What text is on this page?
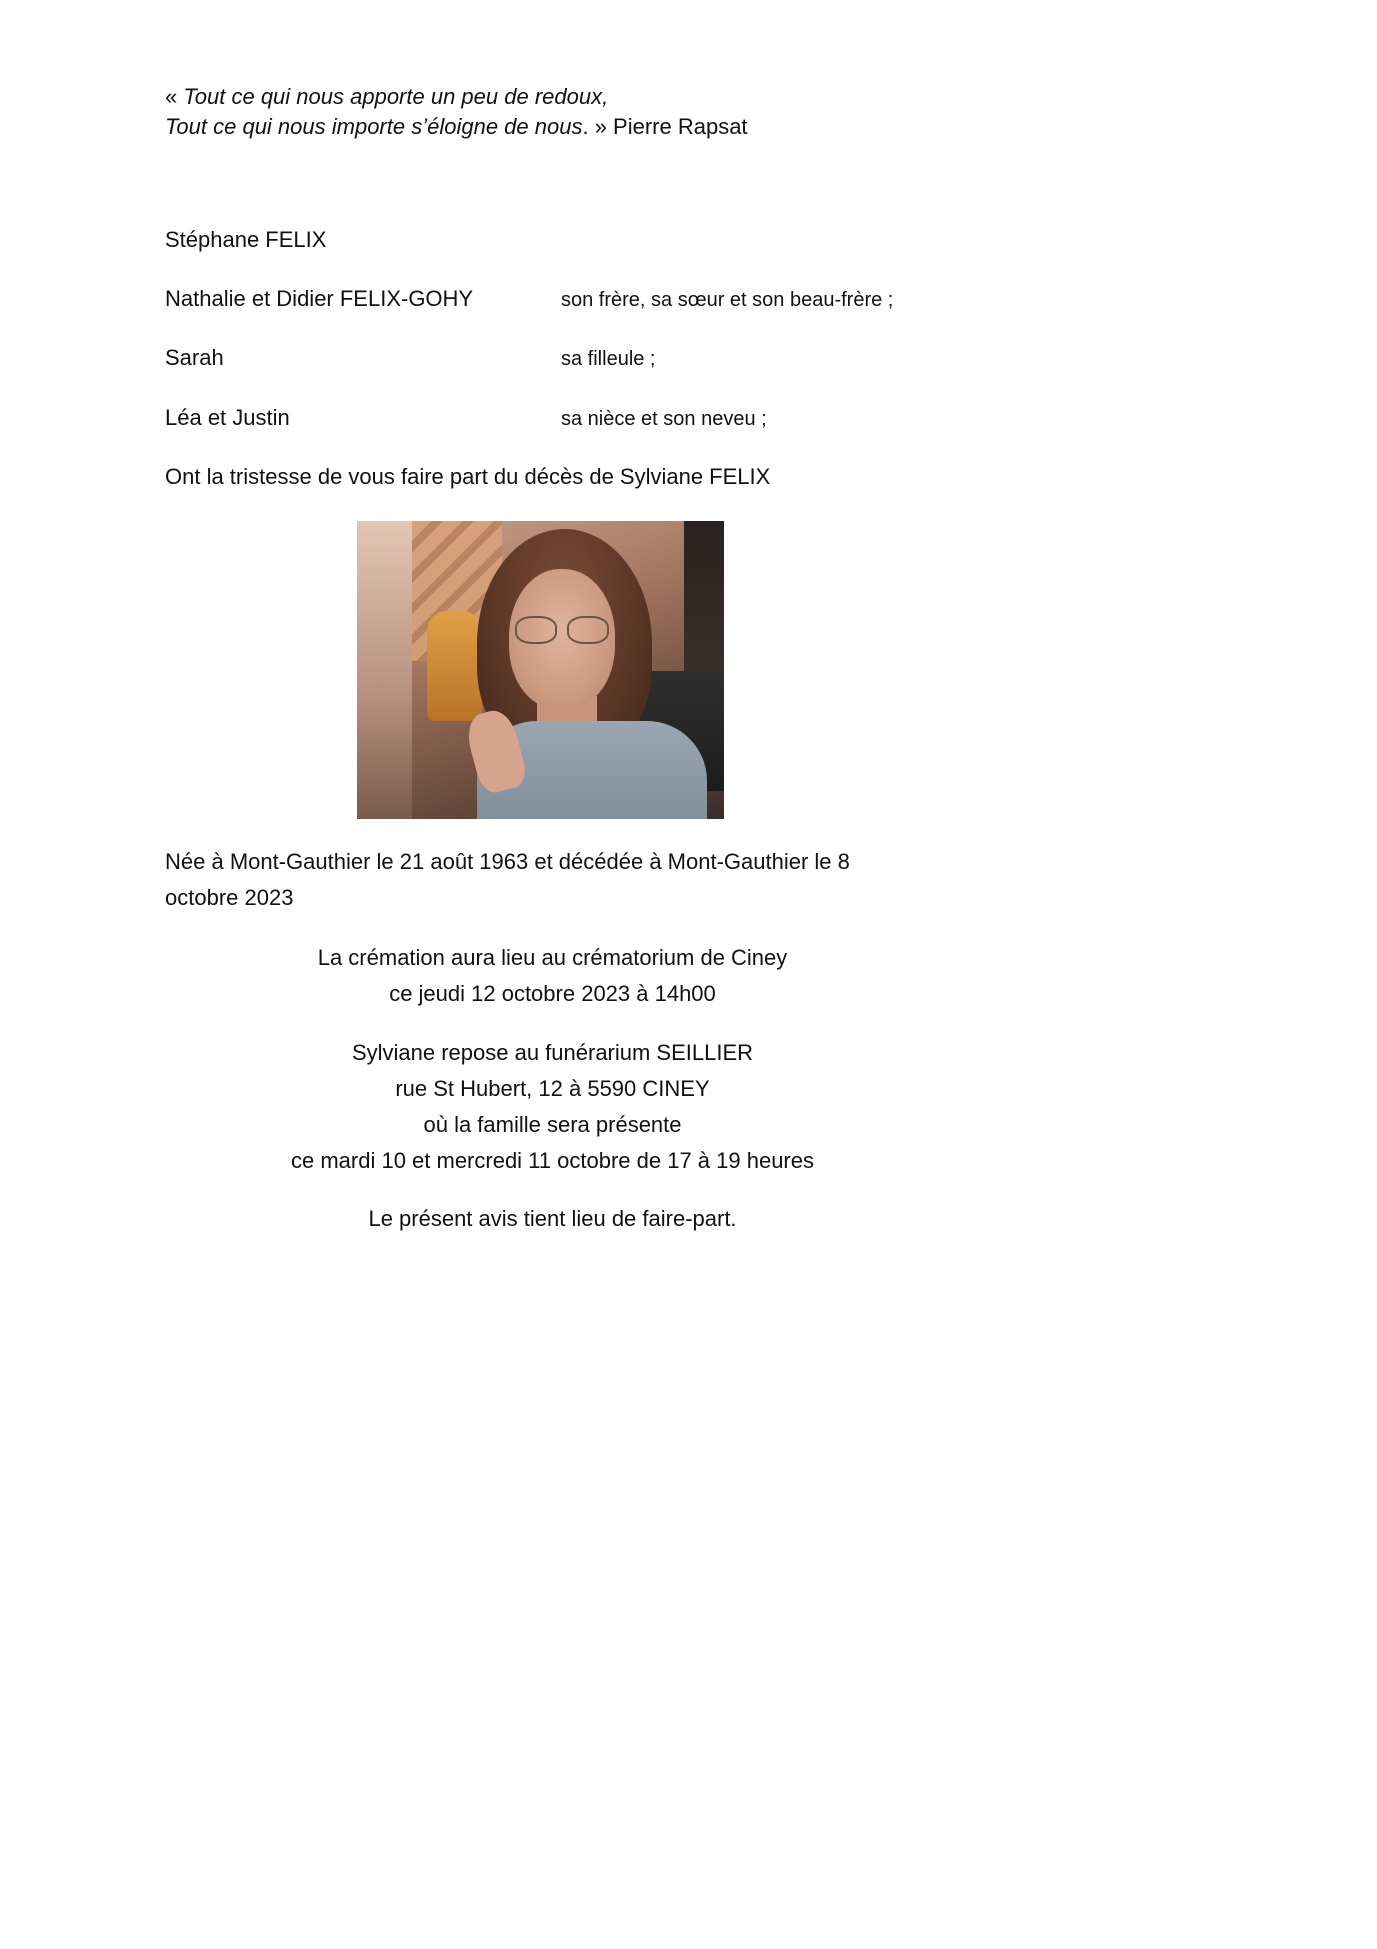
« Tout ce qui nous apporte un peu de redoux,
Tout ce qui nous importe s’éloigne de nous. » Pierre Rapsat
Stéphane FELIX
Nathalie et Didier FELIX-GOHY	son frère, sa sœur et son beau-frère ;
Sarah	sa filleule ;
Léa et Justin	sa nièce et son neveu ;
Ont la tristesse de vous faire part du décès de Sylviane FELIX
Née à Mont-Gauthier le 21 août 1963 et décédée à Mont-Gauthier le 8
octobre 2023
La crémation aura lieu au crématorium de Ciney
ce jeudi 12 octobre 2023 à 14h00
Sylviane repose au funérarium SEILLIER
rue St Hubert, 12 à 5590 CINEY
où la famille sera présente
ce mardi 10 et mercredi 11 octobre de 17 à 19 heures
Le présent avis tient lieu de faire-part.
